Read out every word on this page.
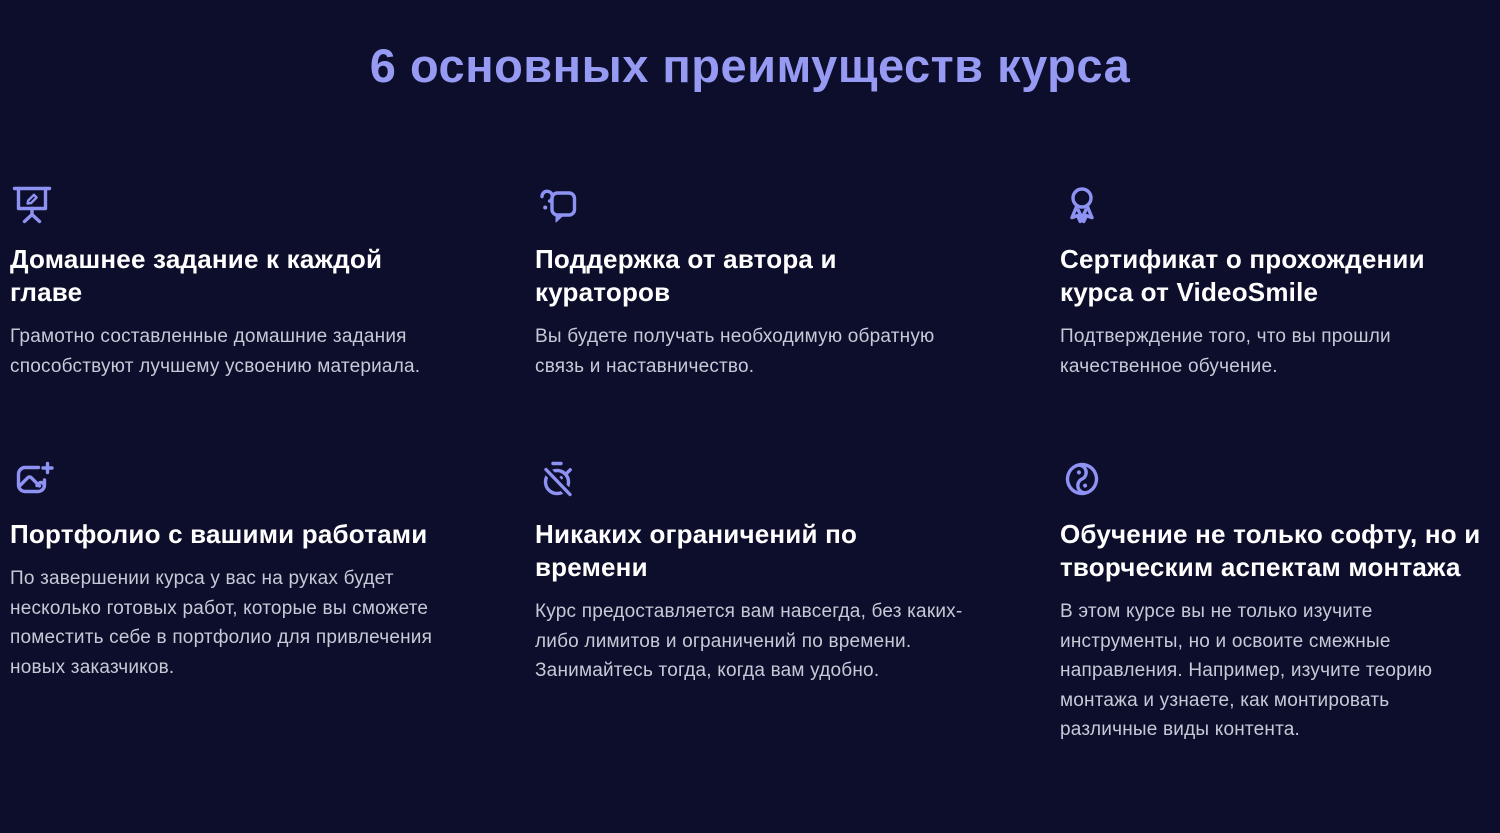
6 основных преимуществ курса
Домашнее задание к каждой главе

Грамотно составленные домашние задания способствуют лучшему усвоению материала.

Поддержка от автора и кураторов

Вы будете получать необходимую обратную связь и наставничество.

Сертификат о прохождении курса от VideoSmile

Подтверждение того, что вы прошли качественное обучение.

Портфолио с вашими работами

По завершении курса у вас на руках будет несколько готовых работ, которые вы сможете поместить себе в портфолио для привлечения новых заказчиков.

Никаких ограничений по времени

Курс предоставляется вам навсегда, без каких-либо лимитов и ограничений по времени. Занимайтесь тогда, когда вам удобно.

Обучение не только софту, но и творческим аспектам монтажа

В этом курсе вы не только изучите инструменты, но и освоите смежные направления. Например, изучите теорию монтажа и узнаете, как монтировать различные виды контента.
